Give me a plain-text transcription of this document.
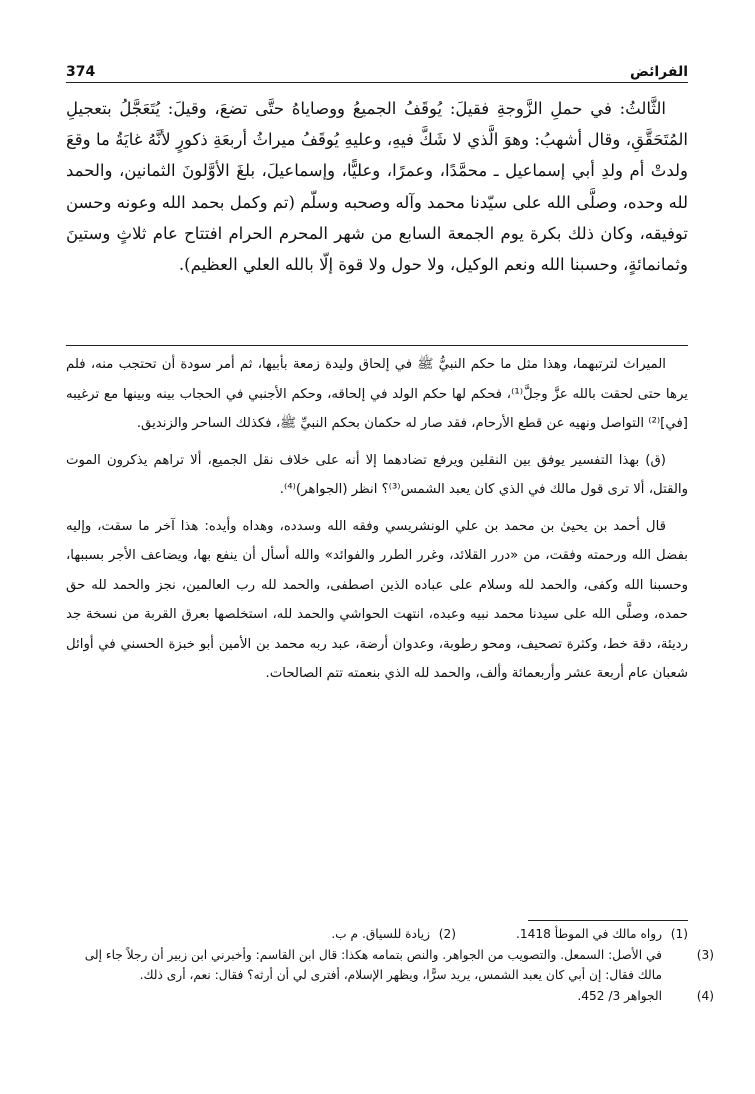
374	الفرائض

الثَّالثُ: في حملِ الزَّوجةِ فقيلَ: يُوقَفُ الجميعُ ووصاياهُ حتَّى تضعَ، وقيلَ: يُتَعَجَّلُ بتعجيلِ المُتَحَقَّقِ، وقال أشهبُ: وهوَ الَّذي لا شَكَّ فيهِ، وعليهِ يُوقَفُ ميراثُ أربعَةِ ذكورٍ لأنَّهُ غايَةُ ما وقعَ ولدتْ أم ولدِ أبي إسماعيل ـ محمَّدًا، وعمرًا، وعليًّا، وإسماعيلَ، بلغَ الأوَّلونَ الثمانين، والحمد لله وحده، وصلَّى الله على سيّدنا محمد وآله وصحبه وسلّم (تم وكمل بحمد الله وعونه وحسن توفيقه، وكان ذلك بكرة يوم الجمعة السابع من شهر المحرم الحرام افتتاح عام ثلاثٍ وستينَ وثمانمائةٍ، وحسبنا الله ونعم الوكيل، ولا حول ولا قوة إلّا بالله العلي العظيم).

الميراث لترتبهما، وهذا مثل ما حكم النبيُّ ﷺ في إلحاق وليدة زمعة بأبيها، ثم أمر سودة أن تحتجب منه، فلم يرها حتى لحقت بالله عزَّ وجلَّ⁽¹⁾، فحكم لها حكم الولد في إلحاقه، وحكم الأجنبي في الحجاب بينه وبينها مع ترغيبه [في]⁽²⁾ التواصل ونهيه عن قطع الأرحام، فقد صار له حكمان بحكم النبيِّ ﷺ، فكذلك الساحر والزنديق.

(ق) بهذا التفسير يوفق بين النقلين ويرفع تضادهما إلا أنه على خلاف نقل الجميع، ألا تراهم يذكرون الموت والقتل، ألا ترى قول مالك في الذي كان يعبد الشمس⁽³⁾؟ انظر (الجواهر)⁽⁴⁾.

قال أحمد بن يحيىٰ بن محمد بن علي الونشريسي وفقه الله وسدده، وهداه وأيده: هذا آخر ما سقت، وإليه بفضل الله ورحمته وفقت، من «درر القلائد، وغرر الطرر والفوائد» والله أسأل أن ينفع بها، ويضاعف الأجر بسببها، وحسبنا الله وكفى، والحمد لله وسلام على عباده الذين اصطفى، والحمد لله رب العالمين، نجز والحمد لله حق حمده، وصلَّى الله على سيدنا محمد نبيه وعبده، انتهت الحواشي والحمد لله، استخلصها بعرق القربة من نسخة جد رديئة، دقة خط، وكثرة تصحيف، ومحو رطوبة، وعدوان أرضة، عبد ربه محمد بن الأمين أبو خبزة الحسني في أوائل شعبان عام أربعة عشر وأربعمائة وألف، والحمد لله الذي بنعمته تتم الصالحات.

(1)رواه مالك في الموطأ 1418.

(2)زيادة للسياق. م ب.

(3)في الأصل: السمعل. والتصويب من الجواهر. والنص بتمامه هكذا: قال ابن القاسم: وأخبرني ابن زبير أن رجلاً جاء إلى مالك فقال: إن أبي كان يعبد الشمس، يريد سرًّا، ويظهر الإسلام، أفترى لي أن أرثه؟ فقال: نعم، أرى ذلك.

(4)الجواهر 3/ 452.
